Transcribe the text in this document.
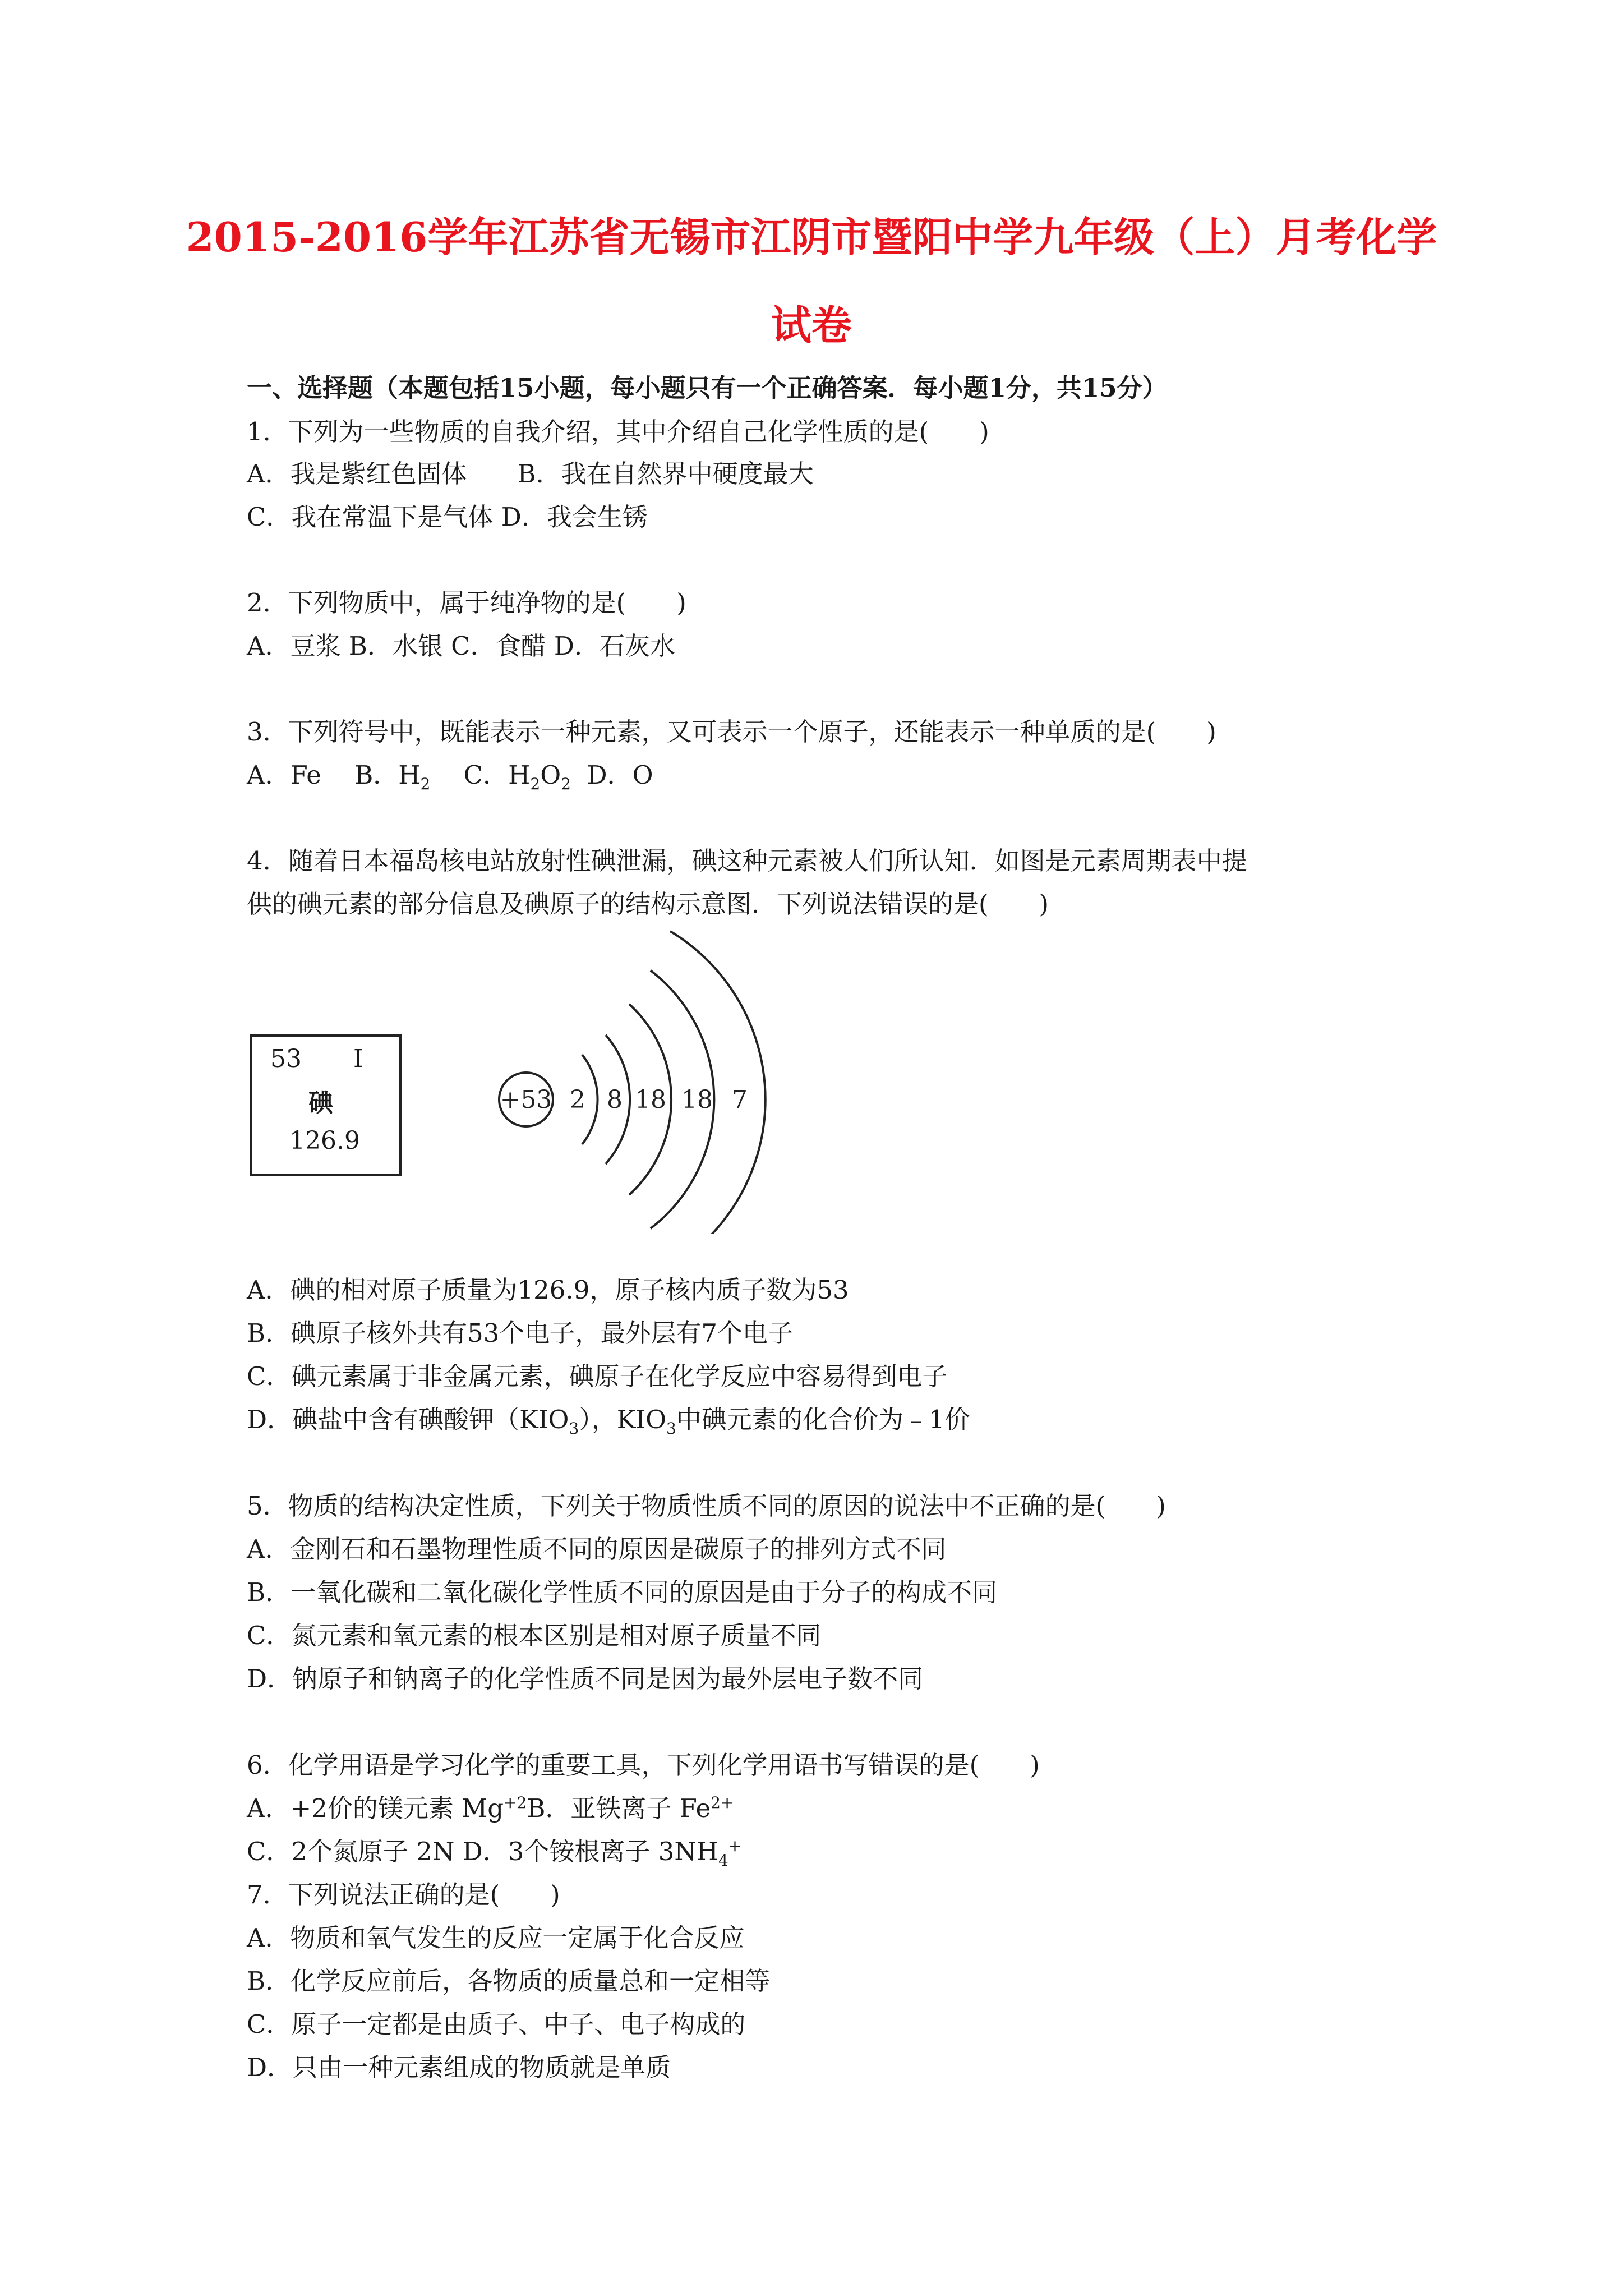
2015-2016学年江苏省无锡市江阴市暨阳中学九年级（上）月考化学
试卷
一、选择题（本题包括15小题，每小题只有一个正确答案．每小题1分，共15分）
1．下列为一些物质的自我介绍，其中介绍自己化学性质的是(　　)
A．我是紫红色固体　　B．我在自然界中硬度最大
C．我在常温下是气体 D．我会生锈
2．下列物质中，属于纯净物的是(　　)
A．豆浆 B．水银 C．食醋 D．石灰水
3．下列符号中，既能表示一种元素，又可表示一个原子，还能表示一种单质的是(　　)
A．Fe　 B．$H_2$　 C．$H_2O_2$ D．O
4．随着日本福岛核电站放射性碘泄漏，碘这种元素被人们所认知．如图是元素周期表中提
供的碘元素的部分信息及碘原子的结构示意图．下列说法错误的是(　　)
53 I
碘
126.9
+53 2 8 18 18 7
A．碘的相对原子质量为126.9，原子核内质子数为53
B．碘原子核外共有53个电子，最外层有7个电子
C．碘元素属于非金属元素，碘原子在化学反应中容易得到电子
D．碘盐中含有碘酸钾$(KIO_3)$，$KIO_3$中碘元素的化合价为﹣1价
5．物质的结构决定性质，下列关于物质性质不同的原因的说法中不正确的是(　　)
A．金刚石和石墨物理性质不同的原因是碳原子的排列方式不同
B．一氧化碳和二氧化碳化学性质不同的原因是由于分子的构成不同
C．氮元素和氧元素的根本区别是相对原子质量不同
D．钠原子和钠离子的化学性质不同是因为最外层电子数不同
6．化学用语是学习化学的重要工具，下列化学用语书写错误的是(　　)
A．+2价的镁元素 $Mg^{+2}B$．亚铁离子 $Fe^{2+}$
C．2个氮原子 2N D．3个铵根离子 $3NH_4^+$
7．下列说法正确的是(　　)
A．物质和氧气发生的反应一定属于化合反应
B．化学反应前后，各物质的质量总和一定相等
C．原子一定都是由质子、中子、电子构成的
D．只由一种元素组成的物质就是单质
